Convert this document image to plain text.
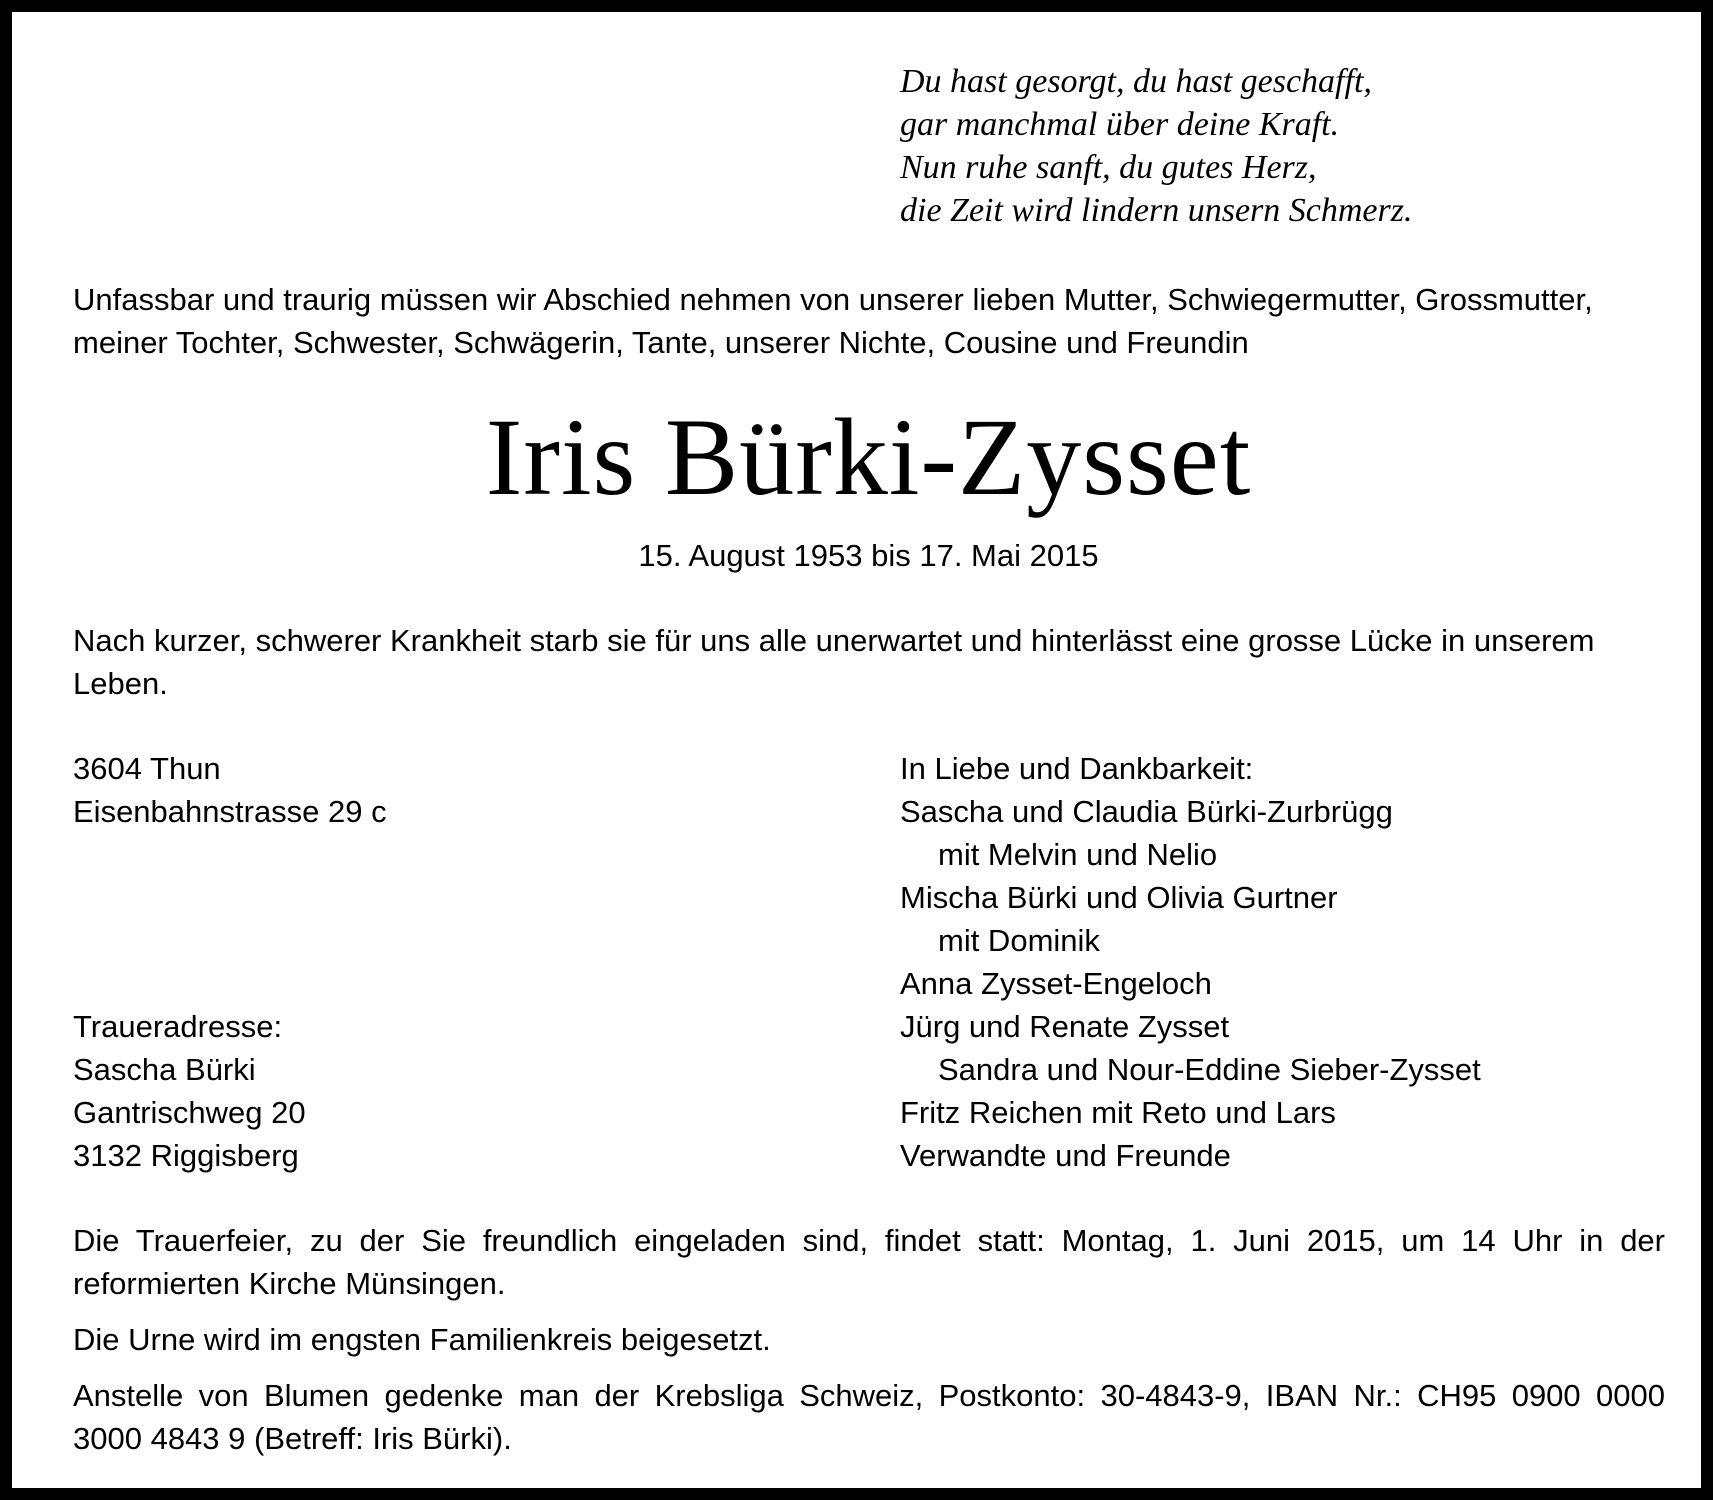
Du hast gesorgt, du hast geschafft,
gar manchmal über deine Kraft.
Nun ruhe sanft, du gutes Herz,
die Zeit wird lindern unsern Schmerz.
Unfassbar und traurig müssen wir Abschied nehmen von unserer lieben Mutter, Schwiegermutter, Grossmutter,
meiner Tochter, Schwester, Schwägerin, Tante, unserer Nichte, Cousine und Freundin
Iris Bürki-Zysset
15. August 1953 bis 17. Mai 2015
Nach kurzer, schwerer Krankheit starb sie für uns alle unerwartet und hinterlässt eine grosse Lücke in unserem
Leben.
3604 Thun
Eisenbahnstrasse 29 c
Traueradresse:
Sascha Bürki
Gantrischweg 20
3132 Riggisberg
In Liebe und Dankbarkeit:
Sascha und Claudia Bürki-Zurbrügg
mit Melvin und Nelio
Mischa Bürki und Olivia Gurtner
mit Dominik
Anna Zysset-Engeloch
Jürg und Renate Zysset
Sandra und Nour-Eddine Sieber-Zysset
Fritz Reichen mit Reto und Lars
Verwandte und Freunde

Die Trauerfeier, zu der Sie freundlich eingeladen sind, findet statt: Montag, 1. Juni 2015, um 14 Uhr in der
reformierten Kirche Münsingen.

Die Urne wird im engsten Familienkreis beigesetzt.

Anstelle von Blumen gedenke man der Krebsliga Schweiz, Postkonto: 30-4843-9, IBAN Nr.: CH95 0900 0000
3000 4843 9 (Betreff: Iris Bürki).
